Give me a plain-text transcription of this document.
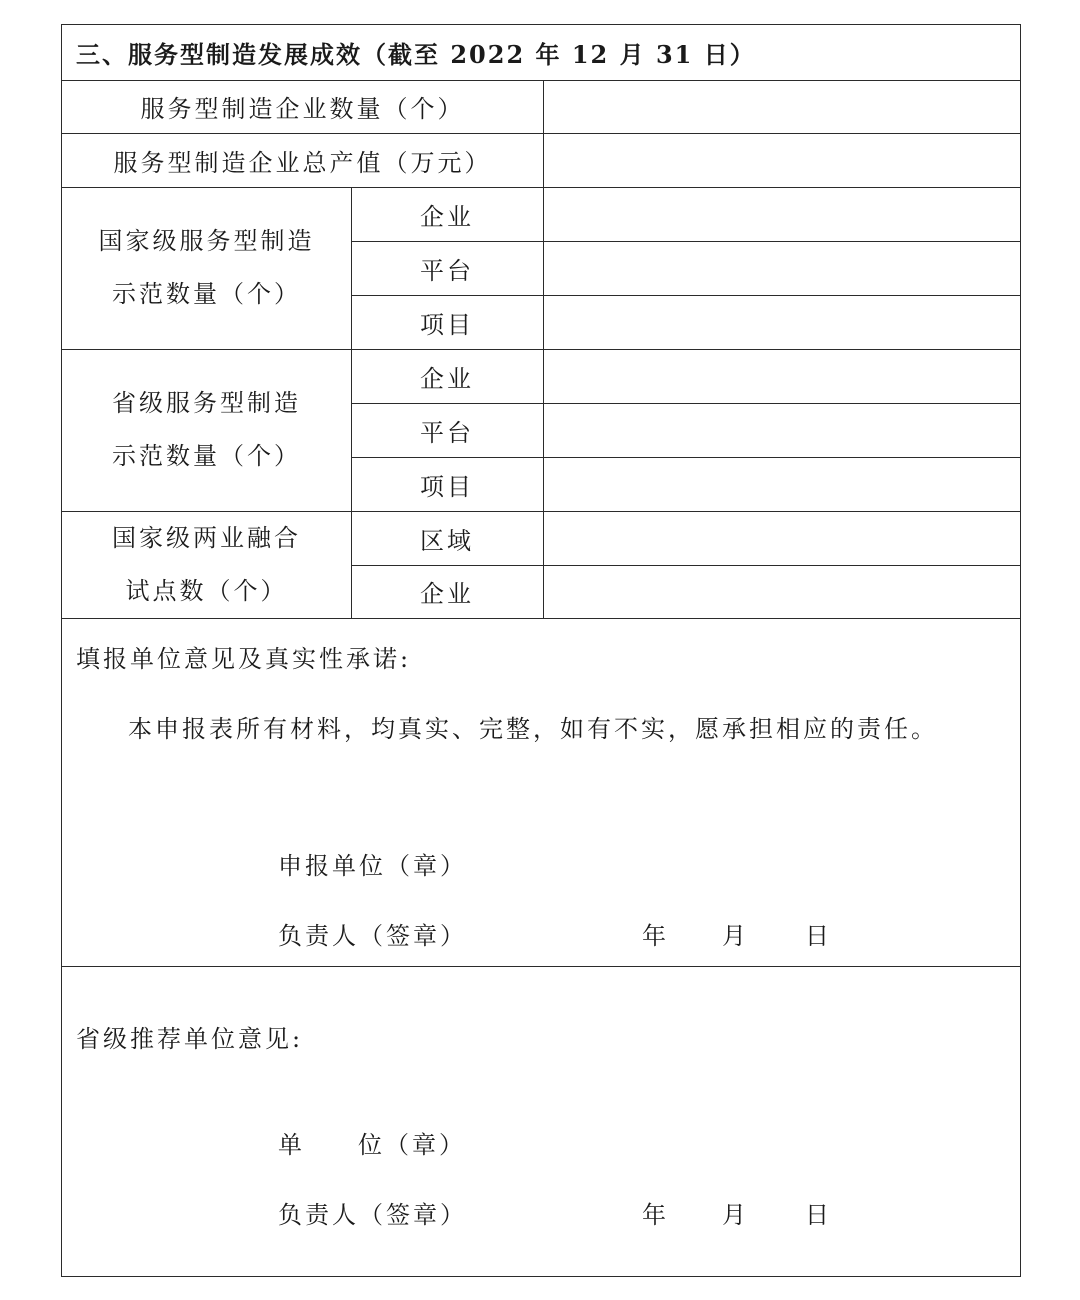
三、服务型制造发展成效（截至 2022 年 12 月 31 日）
服务型制造企业数量（个）
服务型制造企业总产值（万元）
国家级服务型制造
示范数量（个）
企业
平台
项目
省级服务型制造
示范数量（个）
企业
平台
项目
国家级两业融合
试点数（个）
区域
企业
填报单位意见及真实性承诺:
本申报表所有材料，均真实、完整，如有不实，愿承担相应的责任。
申报单位（章）
负责人（签章）	年 月 日
省级推荐单位意见:
单 位（章）
负责人（签章）	年 月 日
